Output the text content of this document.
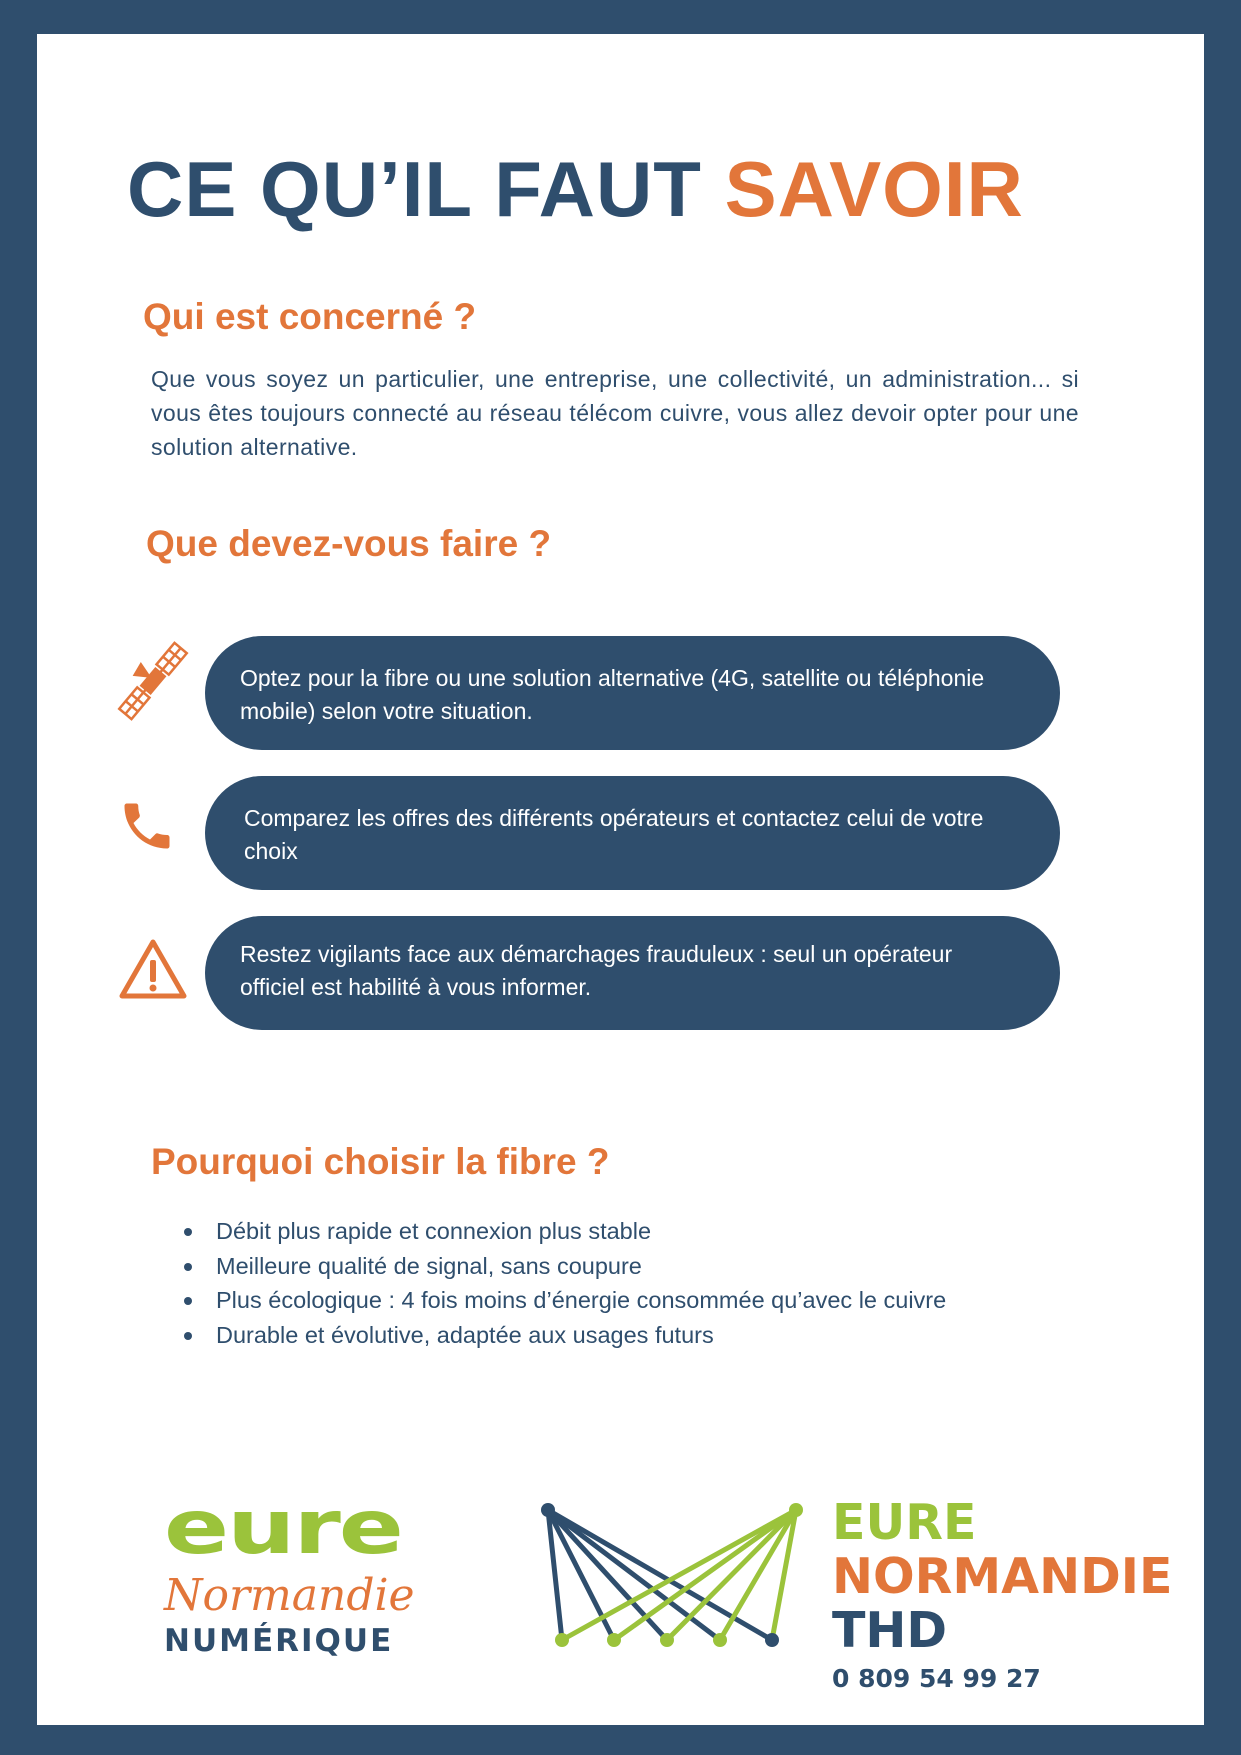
CE QU’IL FAUT SAVOIR
Qui est concerné ?

Que vous soyez un particulier, une entreprise, une collectivité, un administration... si vous êtes toujours connecté au réseau télécom cuivre, vous allez devoir opter pour une solution alternative.

Que devez-vous faire ?
Optez pour la fibre ou une solution alternative (4G, satellite ou téléphonie mobile) selon votre situation.
Comparez les offres des différents opérateurs et contactez celui de votre choix
Restez vigilants face aux démarchages frauduleux : seul un opérateur officiel est habilité à vous informer.
Pourquoi choisir la fibre ?
Débit plus rapide et connexion plus stable
Meilleure qualité de signal, sans coupure
Plus écologique : 4 fois moins d’énergie consommée qu’avec le cuivre
Durable et évolutive, adaptée aux usages futurs
eure
Normandie
NUMÉRIQUE
EURE
NORMANDIE
THD
0 809 54 99 27
